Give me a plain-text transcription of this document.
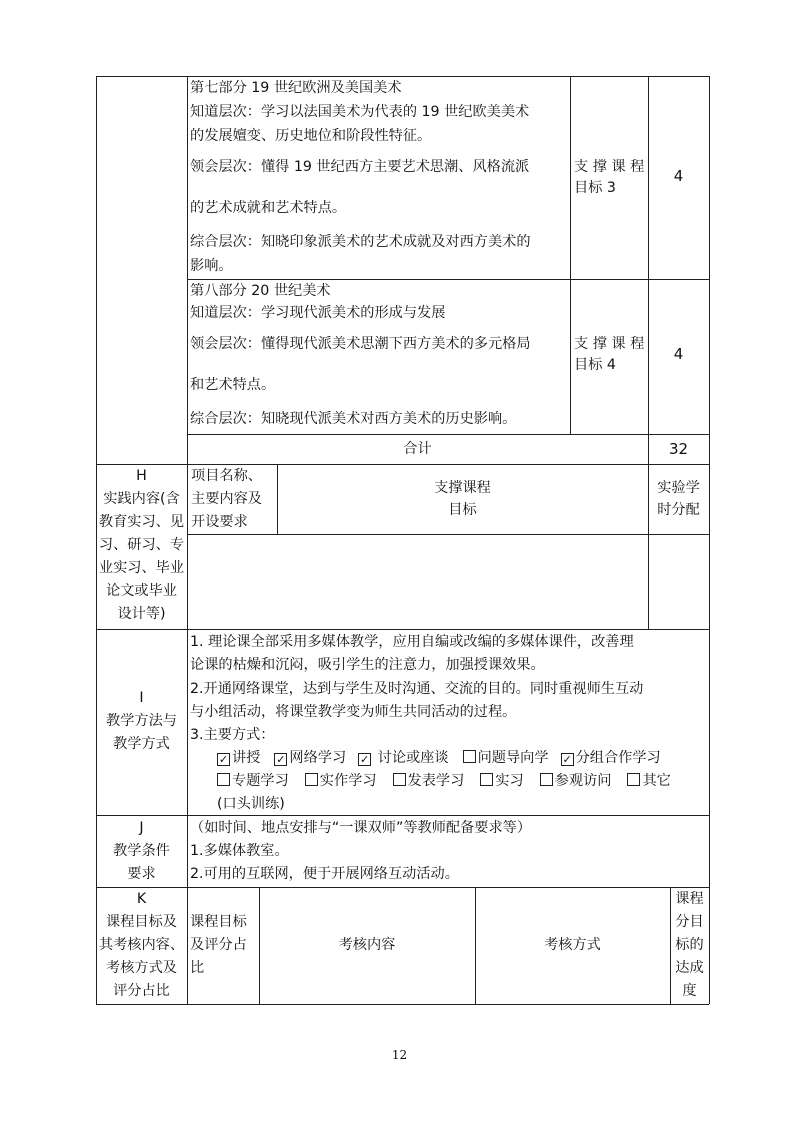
第七部分 19 世纪欧洲及美国美术
知道层次：学习以法国美术为代表的 19 世纪欧美美术
的发展嬗变、历史地位和阶段性特征。
领会层次：懂得 19 世纪西方主要艺术思潮、风格流派
的艺术成就和艺术特点。
综合层次：知晓印象派美术的艺术成就及对西方美术的
影响。
支 撑 课 程
目标 3
4
第八部分 20 世纪美术
知道层次：学习现代派美术的形成与发展
领会层次：懂得现代派美术思潮下西方美术的多元格局
和艺术特点。
综合层次：知晓现代派美术对西方美术的历史影响。
支 撑 课 程
目标 4
4
合计	32
H
实践内容(含
教育实习、见
习、研习、专
业实习、毕业
论文或毕业
设计等)
项目名称、
主要内容及
开设要求
支撑课程
目标
实验学
时分配
I
教学方法与
教学方式
1. 理论课全部采用多媒体教学，应用自编或改编的多媒体课件，改善理
论课的枯燥和沉闷，吸引学生的注意力，加强授课效果。
2.开通网络课堂，达到与学生及时沟通、交流的目的。同时重视师生互动
与小组活动，将课堂教学变为师生共同活动的过程。
3.主要方式：
✓ 讲授 ✓ 网络学习 ✓ 讨论或座谈 问题导向学 ✓ 分组合作学习
专题学习 实作学习 发表学习 实习 参观访问 其它
(口头训练)
J
教学条件
要求
（如时间、地点安排与“一课双师”等教师配备要求等）
1.多媒体教室。
2.可用的互联网，便于开展网络互动活动。
K
课程目标及
其考核内容、
考核方式及
评分占比
课程目标
及评分占
比
考核内容	考核方式
课程
分目
标的
达成
度
12
